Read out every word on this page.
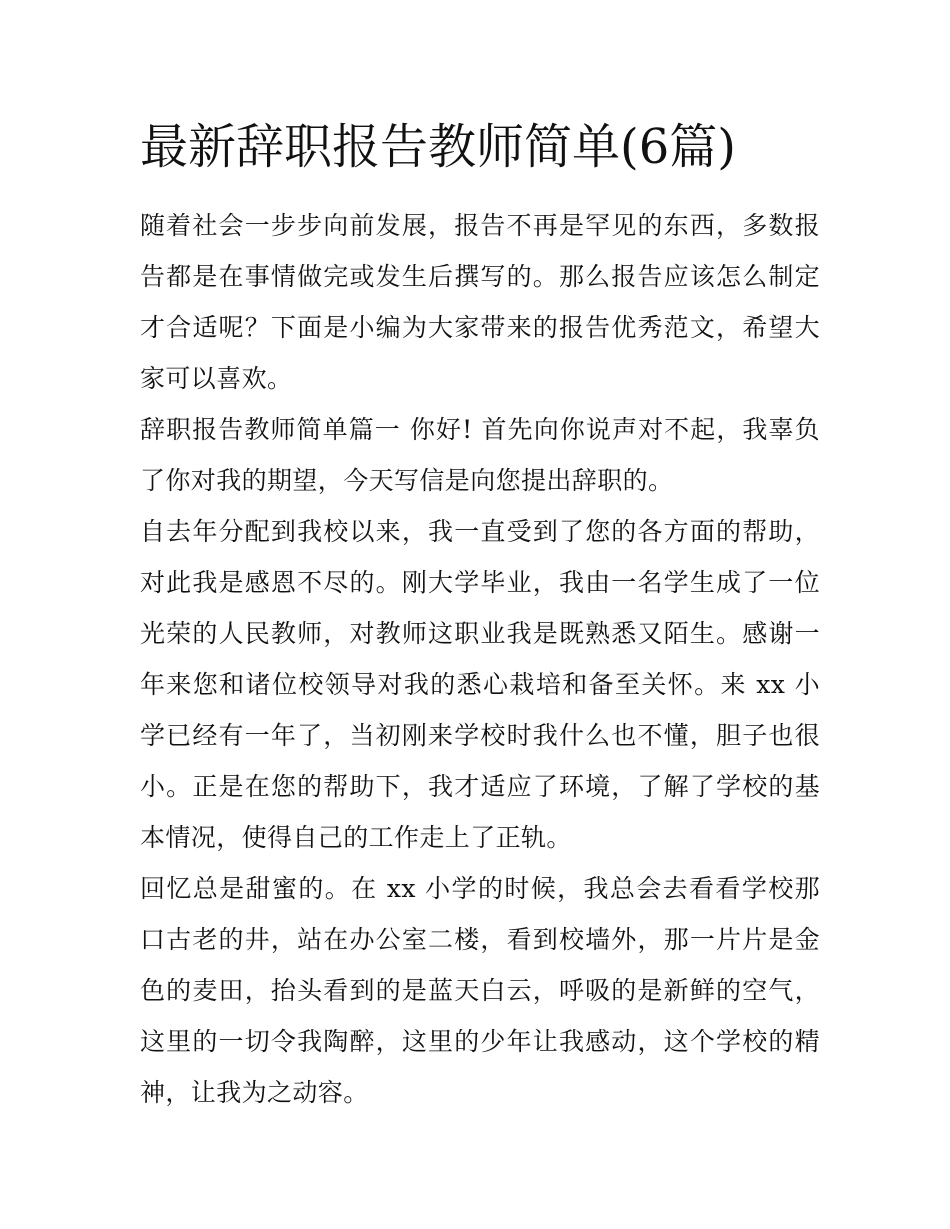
最新辞职报告教师简单(6篇)

随着社会一步步向前发展，报告不再是罕见的东西，多数报告都是在事情做完或发生后撰写的。那么报告应该怎么制定才合适呢？下面是小编为大家带来的报告优秀范文，希望大家可以喜欢。

辞职报告教师简单篇一 你好! 首先向你说声对不起，我辜负了你对我的期望，今天写信是向您提出辞职的。

自去年分配到我校以来，我一直受到了您的各方面的帮助，对此我是感恩不尽的。刚大学毕业，我由一名学生成了一位光荣的人民教师，对教师这职业我是既熟悉又陌生。感谢一年来您和诸位校领导对我的悉心栽培和备至关怀。来 xx 小学已经有一年了，当初刚来学校时我什么也不懂，胆子也很小。正是在您的帮助下，我才适应了环境，了解了学校的基本情况，使得自己的工作走上了正轨。

回忆总是甜蜜的。在 xx 小学的时候，我总会去看看学校那口古老的井，站在办公室二楼，看到校墙外，那一片片是金色的麦田，抬头看到的是蓝天白云，呼吸的是新鲜的空气，这里的一切令我陶醉，这里的少年让我感动，这个学校的精神，让我为之动容。
